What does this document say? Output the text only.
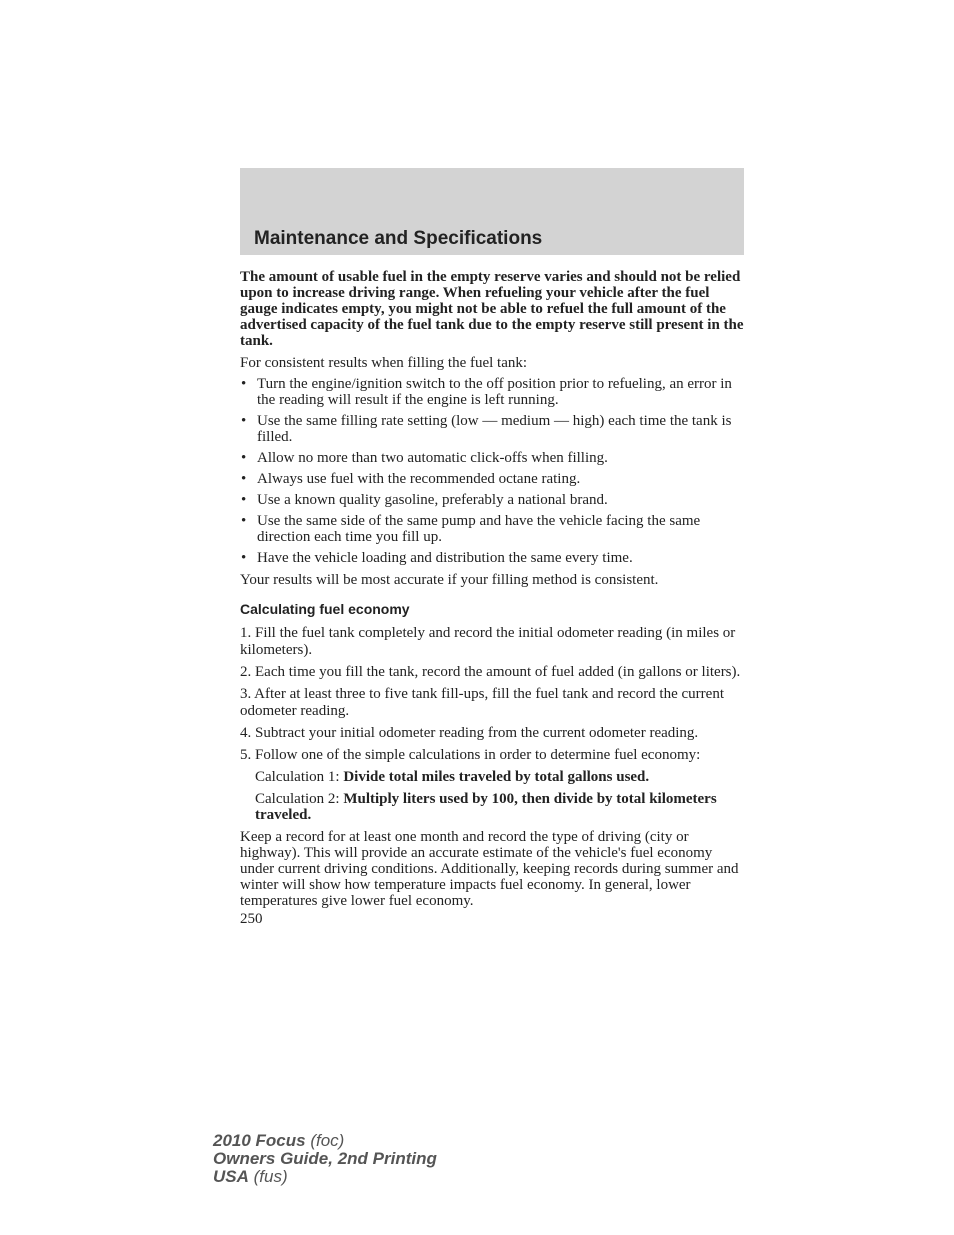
Maintenance and Specifications

The amount of usable fuel in the empty reserve varies and should not be relied upon to increase driving range. When refueling your vehicle after the fuel gauge indicates empty, you might not be able to refuel the full amount of the advertised capacity of the fuel tank due to the empty reserve still present in the tank.

For consistent results when filling the fuel tank:

• Turn the engine/ignition switch to the off position prior to refueling, an error in the reading will result if the engine is left running.
• Use the same filling rate setting (low — medium — high) each time the tank is filled.
• Allow no more than two automatic click-offs when filling.
• Always use fuel with the recommended octane rating.
• Use a known quality gasoline, preferably a national brand.
• Use the same side of the same pump and have the vehicle facing the same direction each time you fill up.
• Have the vehicle loading and distribution the same every time.

Your results will be most accurate if your filling method is consistent.

Calculating fuel economy

1. Fill the fuel tank completely and record the initial odometer reading (in miles or kilometers).

2. Each time you fill the tank, record the amount of fuel added (in gallons or liters).

3. After at least three to five tank fill-ups, fill the fuel tank and record the current odometer reading.

4. Subtract your initial odometer reading from the current odometer reading.

5. Follow one of the simple calculations in order to determine fuel economy:

Calculation 1: Divide total miles traveled by total gallons used.

Calculation 2: Multiply liters used by 100, then divide by total kilometers traveled.

Keep a record for at least one month and record the type of driving (city or highway). This will provide an accurate estimate of the vehicle's fuel economy under current driving conditions. Additionally, keeping records during summer and winter will show how temperature impacts fuel economy. In general, lower temperatures give lower fuel economy.

250

2010 Focus (foc)
Owners Guide, 2nd Printing
USA (fus)
